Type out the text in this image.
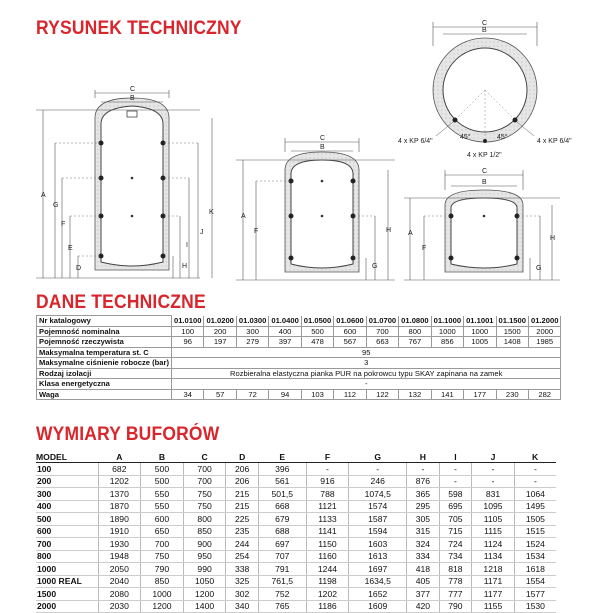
RYSUNEK TECHNICZNY
DANE TECHNICZNE
WYMIARY BUFORÓW
C
B
A
G
F
E
D
K
J
I
H
C
B
A
F	H
G
C
B
A
F
H
G
C
B
45°	45°
4 x KP 6/4"	4 x KP 6/4"
4 x KP 1/2"
Nr katalogowy	01.0100	01.0200	01.0300	01.0400	01.0500	01.0600	01.0700	01.0800	01.1000	01.1001	01.1500	01.2000
Pojemność nominalna	100	200	300	400	500	600	700	800	1000	1000	1500	2000
Pojemność rzeczywista	96	197	279	397	478	567	663	767	856	1005	1408	1985
Maksymalna temperatura st. C	95											
Maksymalne ciśnienie robocze (bar)	3											
Rodzaj izolacji	Rozbieralna elastyczna pianka PUR na pokrowcu typu SKAY zapinana na zamek											
Klasa energetyczna	-											
Waga	34	57	72	94	103	112	122	132	141	177	230	282
MODEL	A	B	C	D	E	F	G	H	I	J	K
100	682	500	700	206	396	-	-	-	-	-	-
200	1202	500	700	206	561	916	246	876	-	-	-
300	1370	550	750	215	501,5	788	1074,5	365	598	831	1064
400	1870	550	750	215	668	1121	1574	295	695	1095	1495
500	1890	600	800	225	679	1133	1587	305	705	1105	1505
600	1910	650	850	235	688	1141	1594	315	715	1115	1515
700	1930	700	900	244	697	1150	1603	324	724	1124	1524
800	1948	750	950	254	707	1160	1613	334	734	1134	1534
1000	2050	790	990	338	791	1244	1697	418	818	1218	1618
1000 REAL	2040	850	1050	325	761,5	1198	1634,5	405	778	1171	1554
1500	2080	1000	1200	302	752	1202	1652	377	777	1177	1577
2000	2030	1200	1400	340	765	1186	1609	420	790	1155	1530
